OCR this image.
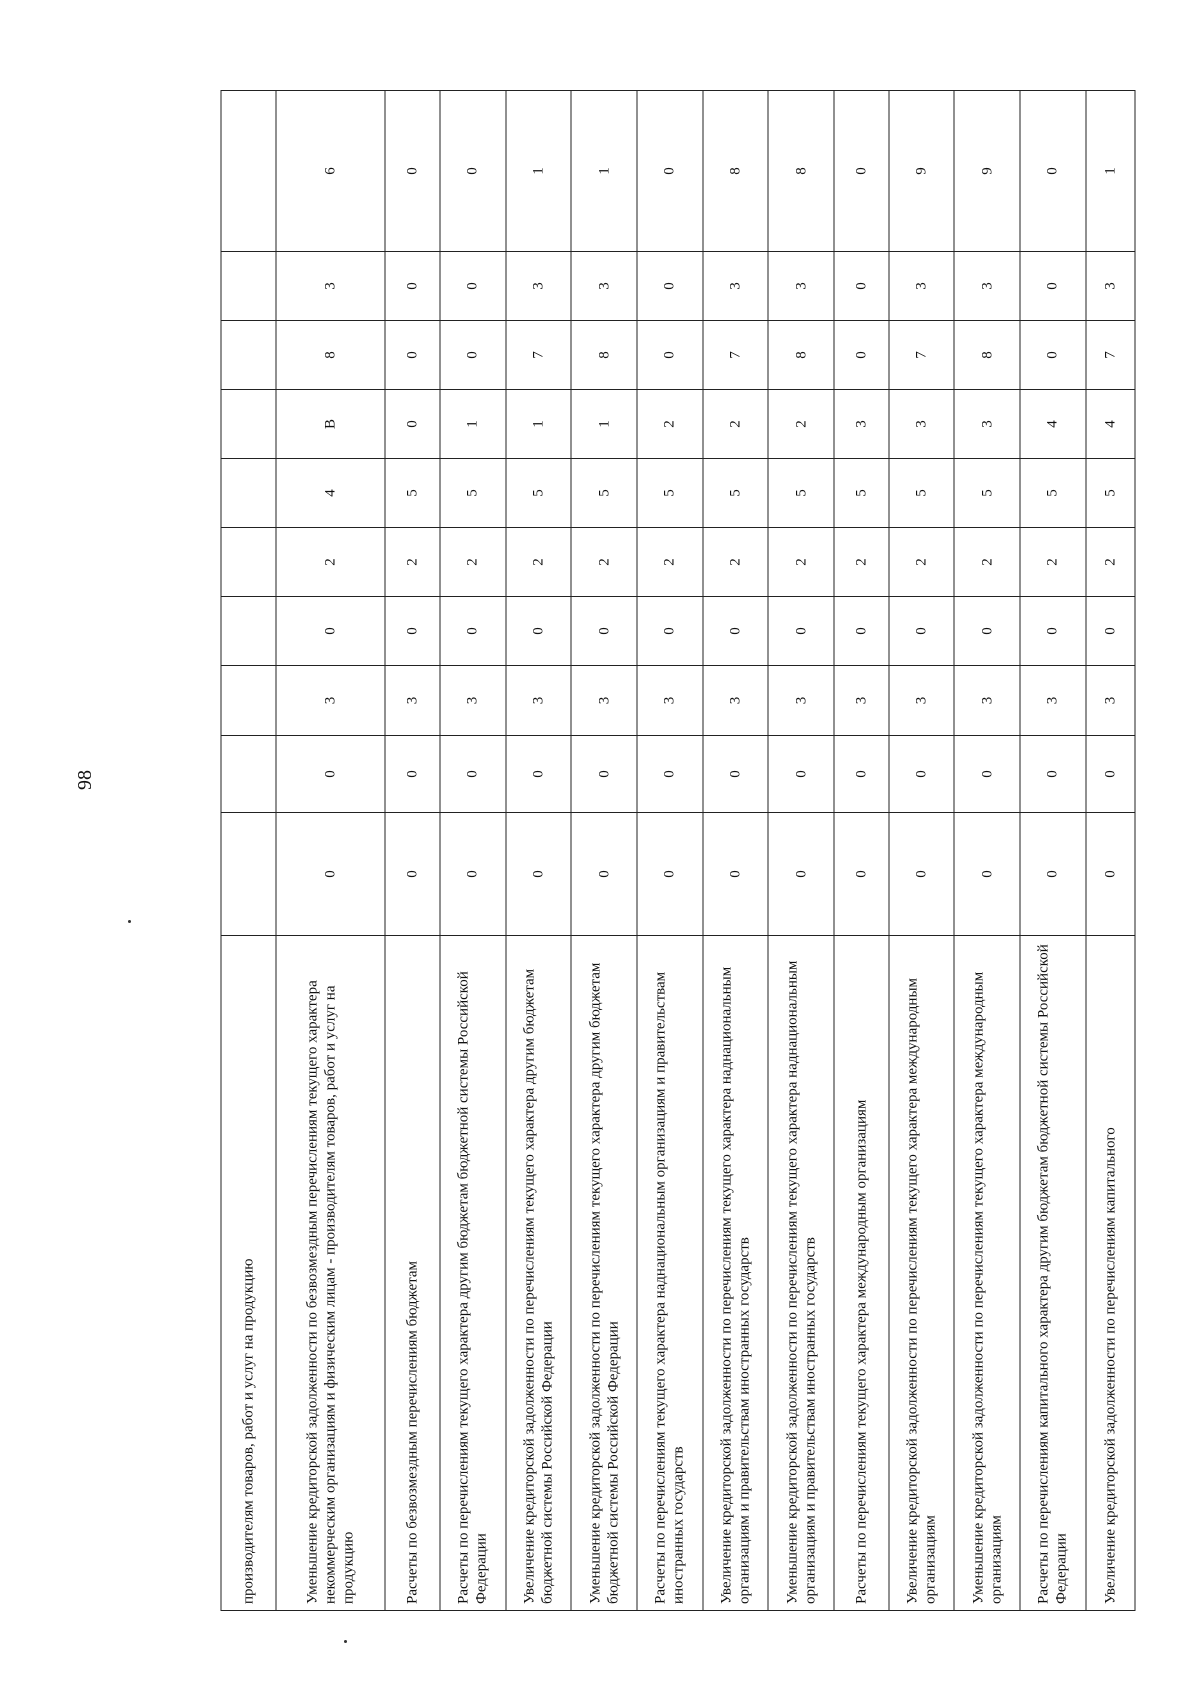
98
производителям товаров, работ и услуг на продукцию										
Уменьшение кредиторской задолженности по безвозмездным перечислениям текущего характера некоммерческим организациям и физическим лицам - производителям товаров, работ и услуг на продукцию	0	0	3	0	2	4	В	8	3	6
Расчеты по безвозмездным перечислениям бюджетам	0	0	3	0	2	5	0	0	0	0
Расчеты по перечислениям текущего характера другим бюджетам бюджетной системы Российской Федерации	0	0	3	0	2	5	1	0	0	0
Увеличение кредиторской задолженности по перечислениям текущего характера другим бюджетам бюджетной системы Российской Федерации	0	0	3	0	2	5	1	7	3	1
Уменьшение кредиторской задолженности по перечислениям текущего характера другим бюджетам бюджетной системы Российской Федерации	0	0	3	0	2	5	1	8	3	1
Расчеты по перечислениям текущего характера наднациональным организациям и правительствам иностранных государств	0	0	3	0	2	5	2	0	0	0
Увеличение кредиторской задолженности по перечислениям текущего характера наднациональным организациям и правительствам иностранных государств	0	0	3	0	2	5	2	7	3	8
Уменьшение кредиторской задолженности по перечислениям текущего характера наднациональным организациям и правительствам иностранных государств	0	0	3	0	2	5	2	8	3	8
Расчеты по перечислениям текущего характера международным организациям	0	0	3	0	2	5	3	0	0	0
Увеличение кредиторской задолженности по перечислениям текущего характера международным организациям	0	0	3	0	2	5	3	7	3	9
Уменьшение кредиторской задолженности по перечислениям текущего характера международным организациям	0	0	3	0	2	5	3	8	3	9
Расчеты по перечислениям капитального характера другим бюджетам бюджетной системы Российской Федерации	0	0	3	0	2	5	4	0	0	0
Увеличение кредиторской задолженности по перечислениям капитального	0	0	3	0	2	5	4	7	3	1
